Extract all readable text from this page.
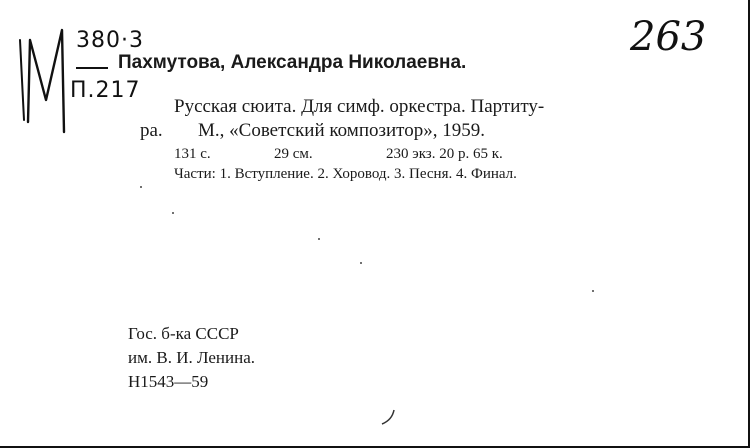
380·3
П.217
263
Пахмутова, Александра Николаевна.
Русская сюита. Для симф. оркестра. Партиту-
ра. М., «Советский композитор», 1959.
131 с.	29 см.	230 экз. 20 р. 65 к.
Части: 1. Вступление. 2. Хоровод. 3. Песня. 4. Финал.
Гос. б-ка СССР
им. В. И. Ленина.
Н1543—59
